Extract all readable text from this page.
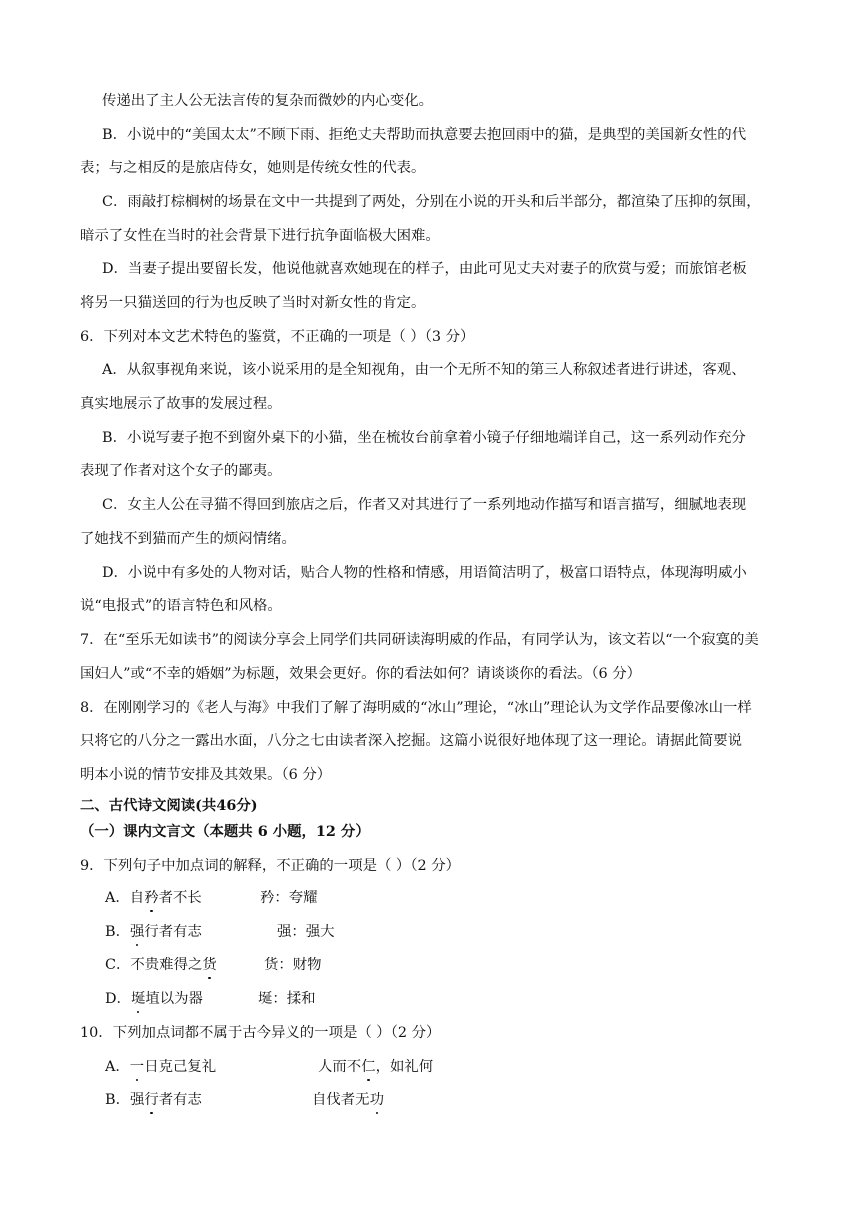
传递出了主人公无法言传的复杂而微妙的内心变化。
B．小说中的“美国太太”不顾下雨、拒绝丈夫帮助而执意要去抱回雨中的猫，是典型的美国新女性的代
表；与之相反的是旅店侍女，她则是传统女性的代表。
C．雨敲打棕榈树的场景在文中一共提到了两处，分别在小说的开头和后半部分，都渲染了压抑的氛围，
暗示了女性在当时的社会背景下进行抗争面临极大困难。
D．当妻子提出要留长发，他说他就喜欢她现在的样子，由此可见丈夫对妻子的欣赏与爱；而旅馆老板
将另一只猫送回的行为也反映了当时对新女性的肯定。
6．下列对本文艺术特色的鉴赏，不正确的一项是（ ）（3 分）
A．从叙事视角来说，该小说采用的是全知视角，由一个无所不知的第三人称叙述者进行讲述，客观、
真实地展示了故事的发展过程。
B．小说写妻子抱不到窗外桌下的小猫，坐在梳妆台前拿着小镜子仔细地端详自己，这一系列动作充分
表现了作者对这个女子的鄙夷。
C．女主人公在寻猫不得回到旅店之后，作者又对其进行了一系列地动作描写和语言描写，细腻地表现
了她找不到猫而产生的烦闷情绪。
D．小说中有多处的人物对话，贴合人物的性格和情感，用语简洁明了，极富口语特点，体现海明威小
说“电报式”的语言特色和风格。
7．在“至乐无如读书”的阅读分享会上同学们共同研读海明威的作品，有同学认为，该文若以“一个寂寞的美
国妇人”或“不幸的婚姻”为标题，效果会更好。你的看法如何？请谈谈你的看法。（6 分）
8．在刚刚学习的《老人与海》中我们了解了海明威的“冰山”理论，“冰山”理论认为文学作品要像冰山一样
只将它的八分之一露出水面，八分之七由读者深入挖掘。这篇小说很好地体现了这一理论。请据此简要说
明本小说的情节安排及其效果。（6 分）
二、古代诗文阅读(共46分)
（一）课内文言文（本题共 6 小题，12 分）
9．下列句子中加点词的解释，不正确的一项是（ ）（2 分）
A．自矜者不长	矜：夸耀
B．强行者有志	强：强大
C．不贵难得之货	货：财物
D．埏埴以为器	埏：揉和
10．下列加点词都不属于古今异义的一项是（ ）（2 分）
A．一日克己复礼	人而不仁，如礼何
B．强行者有志	自伐者无功
